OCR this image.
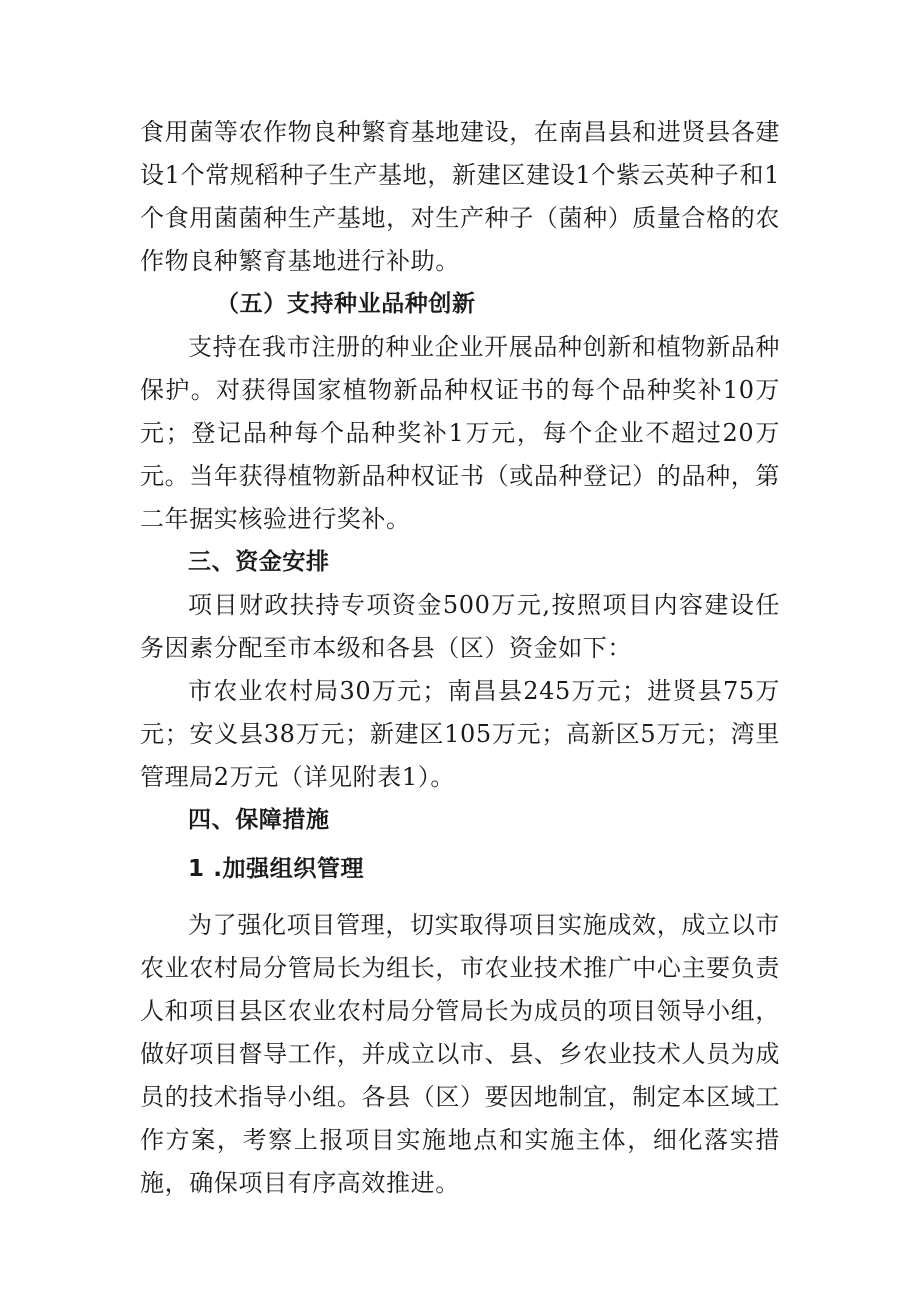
食用菌等农作物良种繁育基地建设，在南昌县和进贤县各建设1个常规稻种子生产基地，新建区建设1个紫云英种子和1个食用菌菌种生产基地，对生产种子（菌种）质量合格的农作物良种繁育基地进行补助。

（五）支持种业品种创新

支持在我市注册的种业企业开展品种创新和植物新品种保护。对获得国家植物新品种权证书的每个品种奖补10万元；登记品种每个品种奖补1万元，每个企业不超过20万元。当年获得植物新品种权证书（或品种登记）的品种，第二年据实核验进行奖补。

三、资金安排

项目财政扶持专项资金500万元,按照项目内容建设任务因素分配至市本级和各县（区）资金如下：

市农业农村局30万元；南昌县245万元；进贤县75万元；安义县38万元；新建区105万元；高新区5万元；湾里管理局2万元（详见附表1）。

四、保障措施
1 .加强组织管理

为了强化项目管理，切实取得项目实施成效，成立以市农业农村局分管局长为组长，市农业技术推广中心主要负责人和项目县区农业农村局分管局长为成员的项目领导小组，做好项目督导工作，并成立以市、县、乡农业技术人员为成员的技术指导小组。各县（区）要因地制宜，制定本区域工作方案，考察上报项目实施地点和实施主体，细化落实措施，确保项目有序高效推进。
